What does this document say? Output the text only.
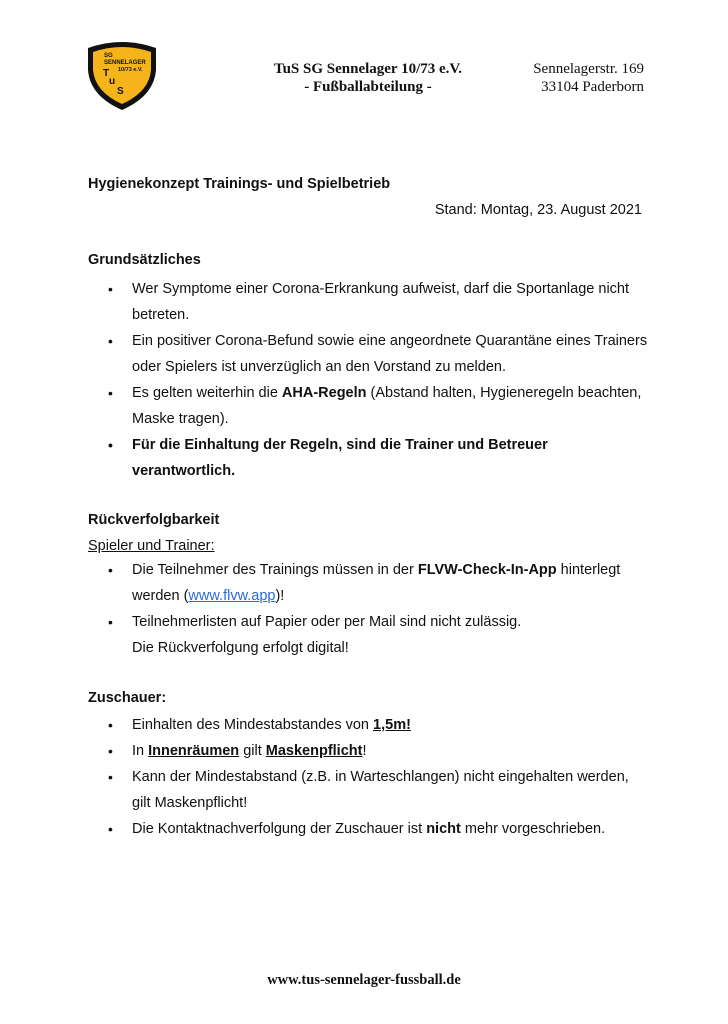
SG
SENNELAGER
10/73 e.V.
T
u
S
TuS SG Sennelager 10/73 e.V.
- Fußballabteilung -
Sennelagerstr. 169
33104 Paderborn
Hygienekonzept Trainings- und Spielbetrieb
Stand: Montag, 23. August 2021
Grundsätzliches
• Wer Symptome einer Corona-Erkrankung aufweist, darf die Sportanlage nicht betreten.
• Ein positiver Corona-Befund sowie eine angeordnete Quarantäne eines Trainers oder Spielers ist unverzüglich an den Vorstand zu melden.
• Es gelten weiterhin die AHA-Regeln (Abstand halten, Hygieneregeln beachten, Maske tragen).
• Für die Einhaltung der Regeln, sind die Trainer und Betreuer verantwortlich.
Rückverfolgbarkeit
Spieler und Trainer:
• Die Teilnehmer des Trainings müssen in der FLVW-Check-In-App hinterlegt werden (www.flvw.app)!
• Teilnehmerlisten auf Papier oder per Mail sind nicht zulässig.
Die Rückverfolgung erfolgt digital!
Zuschauer:
• Einhalten des Mindestabstandes von 1,5m!
• In Innenräumen gilt Maskenpflicht!
• Kann der Mindestabstand (z.B. in Warteschlangen) nicht eingehalten werden, gilt Maskenpflicht!
• Die Kontaktnachverfolgung der Zuschauer ist nicht mehr vorgeschrieben.
www.tus-sennelager-fussball.de
